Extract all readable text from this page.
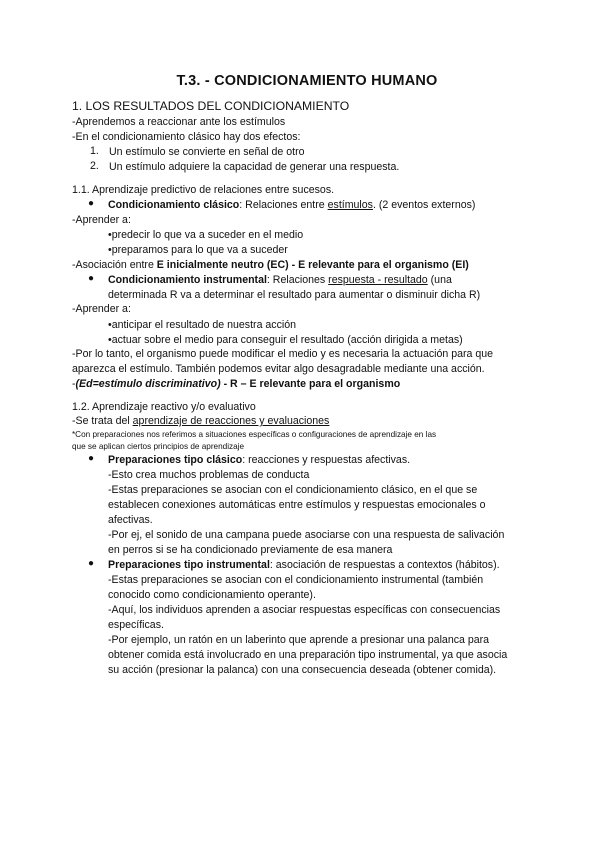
T.3. - CONDICIONAMIENTO HUMANO
1. LOS RESULTADOS DEL CONDICIONAMIENTO
-Aprendemos a reaccionar ante los estímulos
-En el condicionamiento clásico hay dos efectos:
1. Un estímulo se convierte en señal de otro
2. Un estímulo adquiere la capacidad de generar una respuesta.
1.1. Aprendizaje predictivo de relaciones entre sucesos.
● Condicionamiento clásico: Relaciones entre estímulos. (2 eventos externos)
-Aprender a:
•predecir lo que va a suceder en el medio
•preparamos para lo que va a suceder
-Asociación entre E inicialmente neutro (EC) - E relevante para el organismo (EI)
● Condicionamiento instrumental: Relaciones respuesta - resultado (una
determinada R va a determinar el resultado para aumentar o disminuir dicha R)
-Aprender a:
•anticipar el resultado de nuestra acción
•actuar sobre el medio para conseguir el resultado (acción dirigida a metas)
-Por lo tanto, el organismo puede modificar el medio y es necesaria la actuación para que
aparezca el estímulo. También podemos evitar algo desagradable mediante una acción.
-(Ed=estímulo discriminativo) - R – E relevante para el organismo
1.2. Aprendizaje reactivo y/o evaluativo
-Se trata del aprendizaje de reacciones y evaluaciones
*Con preparaciones nos referimos a situaciones específicas o configuraciones de aprendizaje en las
que se aplican ciertos principios de aprendizaje
● Preparaciones tipo clásico: reacciones y respuestas afectivas.
-Esto crea muchos problemas de conducta
-Estas preparaciones se asocian con el condicionamiento clásico, en el que se
establecen conexiones automáticas entre estímulos y respuestas emocionales o
afectivas.
-Por ej, el sonido de una campana puede asociarse con una respuesta de salivación
en perros si se ha condicionado previamente de esa manera
● Preparaciones tipo instrumental: asociación de respuestas a contextos (hábitos).
-Estas preparaciones se asocian con el condicionamiento instrumental (también
conocido como condicionamiento operante).
-Aquí, los individuos aprenden a asociar respuestas específicas con consecuencias
específicas.
-Por ejemplo, un ratón en un laberinto que aprende a presionar una palanca para
obtener comida está involucrado en una preparación tipo instrumental, ya que asocia
su acción (presionar la palanca) con una consecuencia deseada (obtener comida).
